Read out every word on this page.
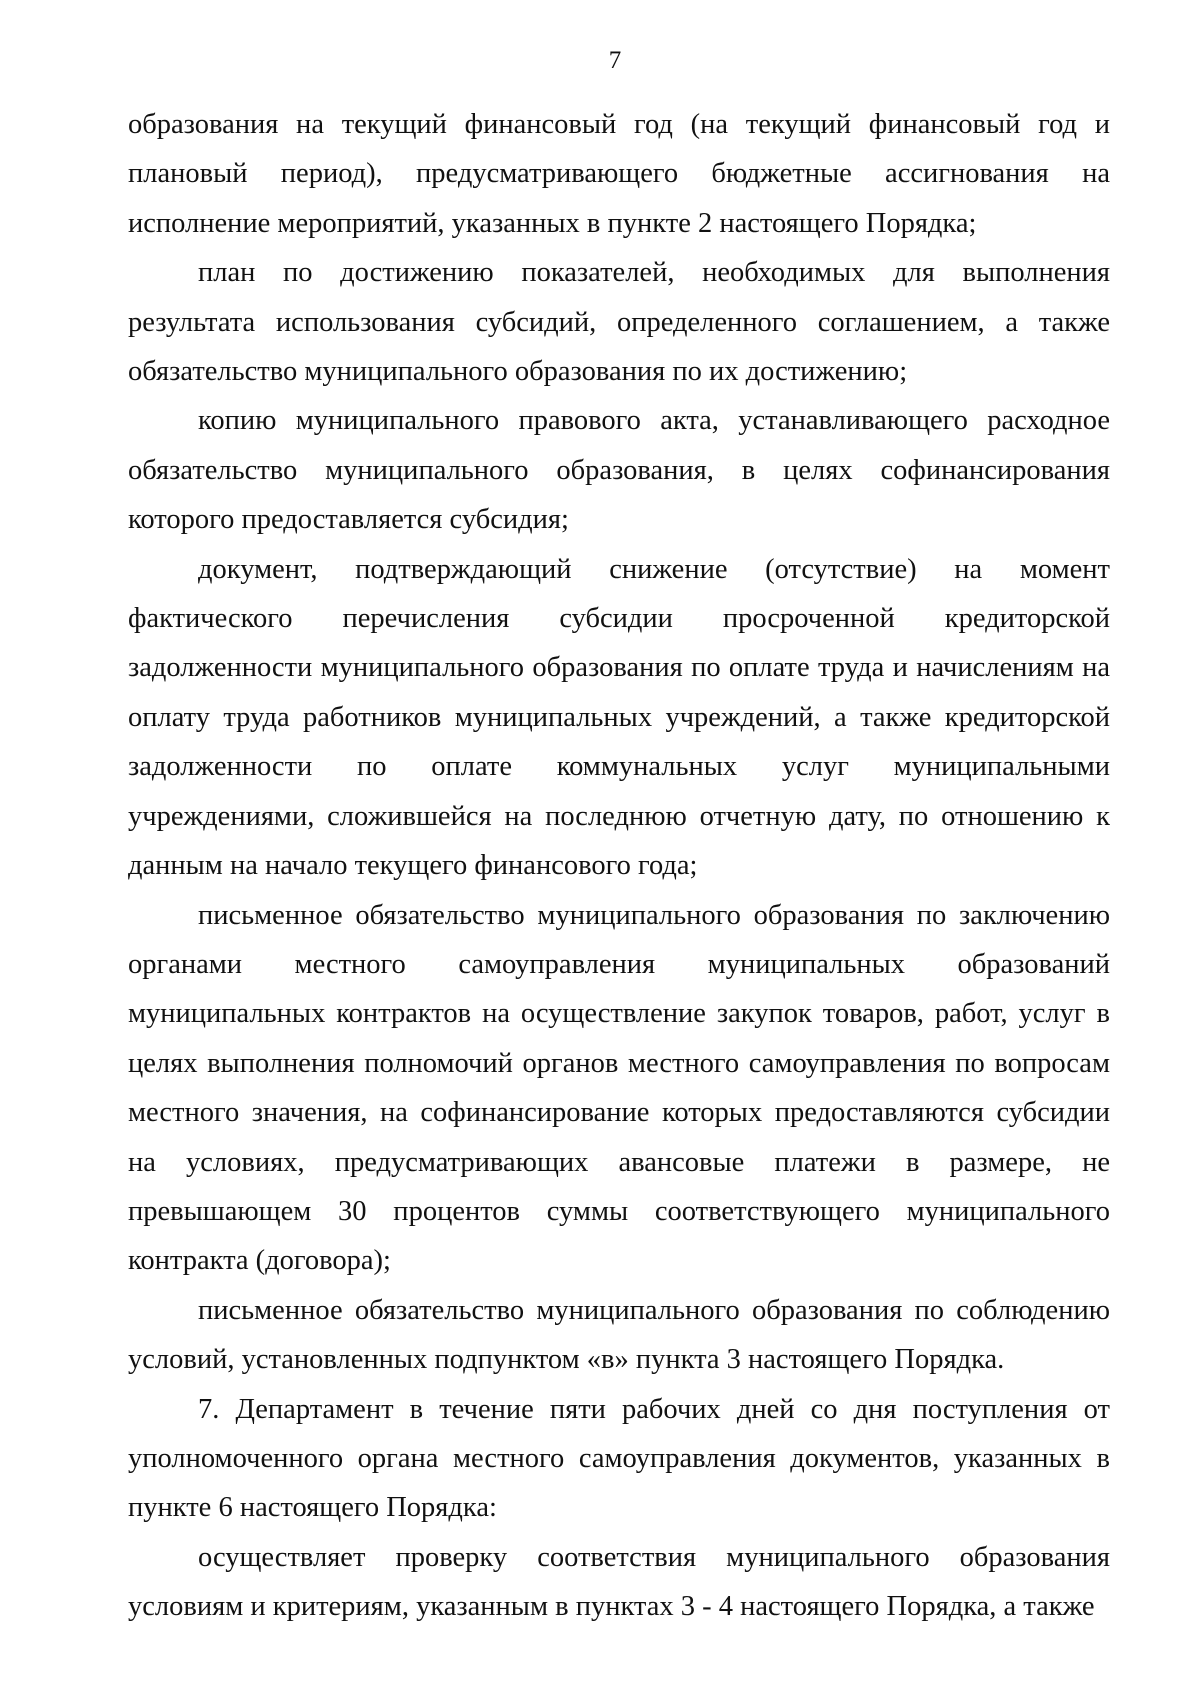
7

образования на текущий финансовый год (на текущий финансовый год и плановый период), предусматривающего бюджетные ассигнования на исполнение мероприятий, указанных в пункте 2 настоящего Порядка;

план по достижению показателей, необходимых для выполнения результата использования субсидий, определенного соглашением, а также обязательство муниципального образования по их достижению;

копию муниципального правового акта, устанавливающего расходное обязательство муниципального образования, в целях софинансирования которого предоставляется субсидия;

документ, подтверждающий снижение (отсутствие) на момент фактического перечисления субсидии просроченной кредиторской задолженности муниципального образования по оплате труда и начислениям на оплату труда работников муниципальных учреждений, а также кредиторской задолженности по оплате коммунальных услуг муниципальными учреждениями, сложившейся на последнюю отчетную дату, по отношению к данным на начало текущего финансового года;

письменное обязательство муниципального образования по заключению органами местного самоуправления муниципальных образований муниципальных контрактов на осуществление закупок товаров, работ, услуг в целях выполнения полномочий органов местного самоуправления по вопросам местного значения, на софинансирование которых предоставляются субсидии на условиях, предусматривающих авансовые платежи в размере, не превышающем 30 процентов суммы соответствующего муниципального контракта (договора);

письменное обязательство муниципального образования по соблюдению условий, установленных подпунктом «в» пункта 3 настоящего Порядка.

7. Департамент в течение пяти рабочих дней со дня поступления от уполномоченного органа местного самоуправления документов, указанных в пункте 6 настоящего Порядка:

осуществляет проверку соответствия муниципального образования условиям и критериям, указанным в пунктах 3 - 4 настоящего Порядка, а также
